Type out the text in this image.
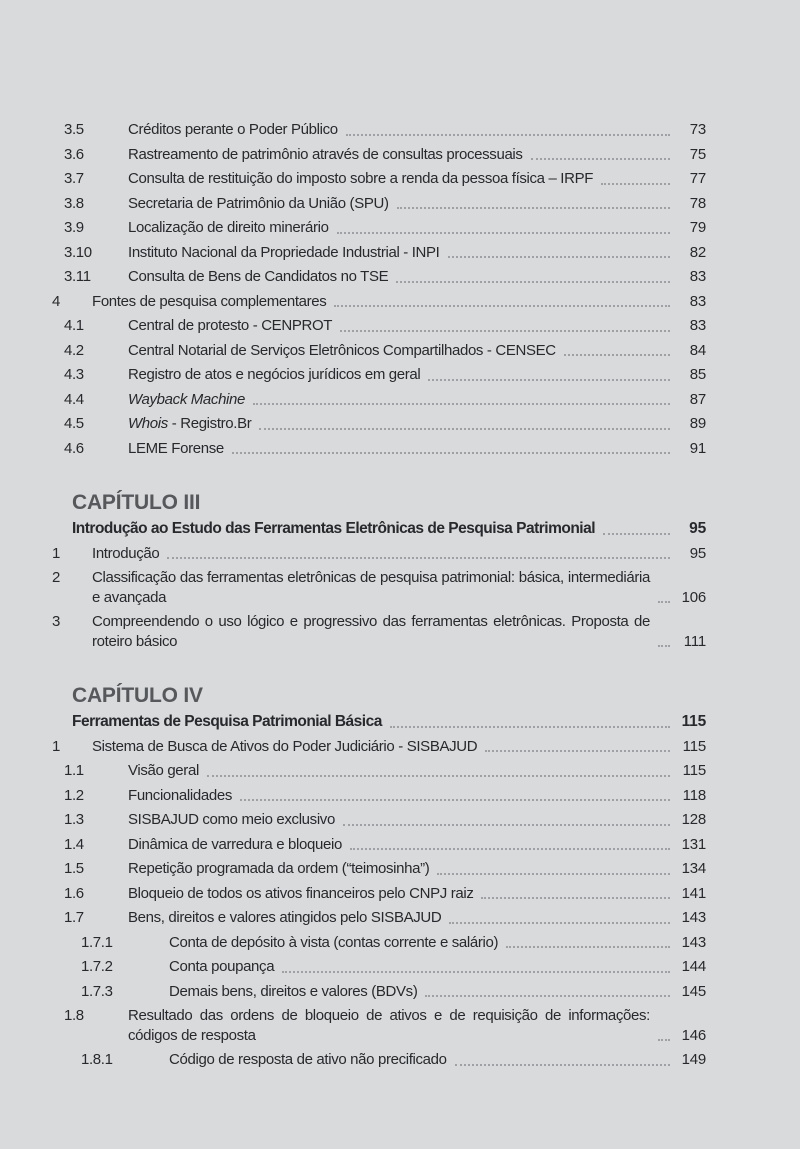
3.5	Créditos perante o Poder Público	73
3.6	Rastreamento de patrimônio através de consultas processuais	75
3.7	Consulta de restituição do imposto sobre a renda da pessoa física – IRPF	77
3.8	Secretaria de Patrimônio da União (SPU)	78
3.9	Localização de direito minerário	79
3.10 Instituto Nacional da Propriedade Industrial - INPI	82
3.11 Consulta de Bens de Candidatos no TSE	83
4 Fontes de pesquisa complementares	83
4.1	Central de protesto - CENPROT	83
4.2	Central Notarial de Serviços Eletrônicos Compartilhados - CENSEC	84
4.3	Registro de atos e negócios jurídicos em geral	85
4.4	Wayback Machine	87
4.5	Whois - Registro.Br	89
4.6	LEME Forense	91
CAPÍTULO III
Introdução ao Estudo das Ferramentas Eletrônicas de Pesquisa Patrimonial	95
1 Introdução	95
2 Classificação das ferramentas eletrônicas de pesquisa patrimonial: básica, intermediária e avançada	106
3 Compreendendo o uso lógico e progressivo das ferramentas eletrônicas. Proposta de roteiro básico	111
CAPÍTULO IV
Ferramentas de Pesquisa Patrimonial Básica	115
1 Sistema de Busca de Ativos do Poder Judiciário - SISBAJUD	115
1.1	Visão geral	115
1.2	Funcionalidades	118
1.3	SISBAJUD como meio exclusivo	128
1.4	Dinâmica de varredura e bloqueio	131
1.5	Repetição programada da ordem (“teimosinha”)	134
1.6	Bloqueio de todos os ativos financeiros pelo CNPJ raiz	141
1.7	Bens, direitos e valores atingidos pelo SISBAJUD	143
1.7.1	Conta de depósito à vista (contas corrente e salário)	143
1.7.2	Conta poupança	144
1.7.3	Demais bens, direitos e valores (BDVs)	145
1.8	Resultado das ordens de bloqueio de ativos e de requisição de informações: códigos de resposta	146
1.8.1	Código de resposta de ativo não precificado	149
